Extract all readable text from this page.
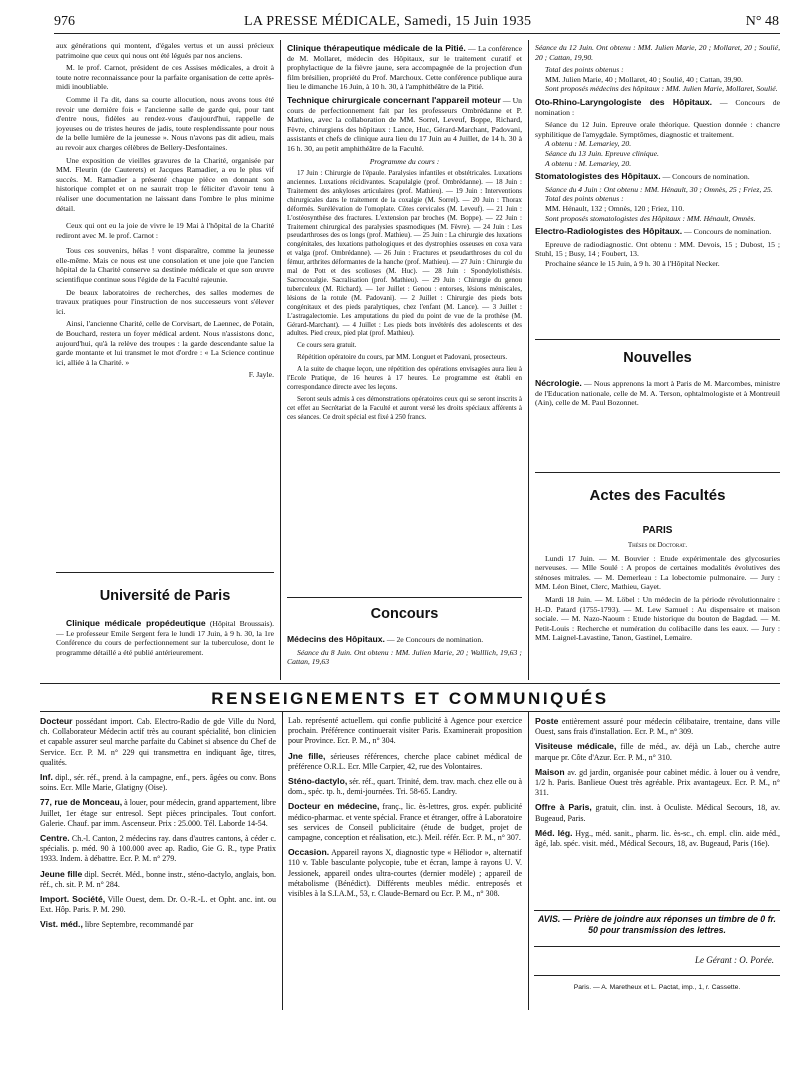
976	LA PRESSE MÉDICALE, Samedi, 15 Juin 1935	N° 48

aux générations qui montent, d'égales vertus et un aussi précieux patrimoine que ceux qui nous ont été légués par nos anciens.

M. le prof. Carnot, président de ces Assises médicales, a droit à toute notre reconnaissance pour la parfaite organisation de cette après-midi inoubliable.

Comme il l'a dit, dans sa courte allocution, nous avons tous été revoir une dernière fois « l'ancienne salle de garde qui, pour tant d'entre nous, fidèles au rendez-vous d'aujourd'hui, rappelle de joyeuses ou de tristes heures de jadis, toute resplendissante pour nous de la belle lumière de la jeunesse ». Nous n'avons pas dit adieu, mais au revoir aux charges célèbres de Bellery-Desfontaines.

Une exposition de vieilles gravures de la Charité, organisée par MM. Fleurin (de Cauterets) et Jacques Ramadier, a eu le plus vif succès. M. Ramadier a présenté chaque pièce en donnant son historique complet et on ne saurait trop le féliciter d'avoir tenu à réaliser une documentation ne laissant dans l'ombre le plus minime détail.

Ceux qui ont eu la joie de vivre le 19 Mai à l'hôpital de la Charité rediront avec M. le prof. Carnot :

Tous ces souvenirs, hélas ! vont disparaître, comme la jeunesse elle-même. Mais ce nous est une consolation et une joie que l'ancien hôpital de la Charité conserve sa destinée médicale et que son œuvre scientifique continue sous l'égide de la Faculté rajeunie.

De beaux laboratoires de recherches, des salles modernes de travaux pratiques pour l'instruction de nos successeurs vont s'élever ici.

Ainsi, l'ancienne Charité, celle de Corvisart, de Laennec, de Potain, de Bouchard, restera un foyer médical ardent. Nous n'assistons donc, aujourd'hui, qu'à la relève des troupes : la garde descendante salue la garde montante et lui transmet le mot d'ordre : « La Science continue ici, alliée à la Charité. »

F. Jayle.

Université de Paris

Clinique médicale propédeutique (Hôpital Broussais). — Le professeur Emile Sergent fera le lundi 17 Juin, à 9 h. 30, la 1re Conférence du cours de perfectionnement sur la tuberculose, dont le programme détaillé a été publié antérieurement.

Clinique thérapeutique médicale de la Pitié. — La conférence de M. Mollaret, médecin des Hôpitaux, sur le traitement curatif et prophylactique de la fièvre jaune, sera accompagnée de la projection d'un film brésilien, propriété du Prof. Marchoux. Cette conférence publique aura lieu le dimanche 16 Juin, à 10 h. 30, à l'amphithéâtre de la Pitié.

Technique chirurgicale concernant l'appareil moteur — Un cours de perfectionnement fait par les professeurs Ombrédanne et P. Mathieu, avec la collaboration de MM. Sorrel, Leveuf, Boppe, Richard, Fèvre, chirurgiens des hôpitaux : Lance, Huc, Gérard-Marchant, Padovani, assistants et chefs de clinique aura lieu du 17 Juin au 4 Juillet, de 14 h. 30 à 16 h. 30, au petit amphithéâtre de la Faculté.

Programme du cours :

17 Juin : Chirurgie de l'épaule. Paralysies infantiles et obstétricales. Luxations anciennes. Luxations récidivantes. Scapulalgie (prof. Ombrédanne). — 18 Juin : Traitement des ankyloses articulaires (prof. Mathieu). — 19 Juin : Interventions chirurgicales dans le traitement de la coxalgie (M. Sorrel). — 20 Juin : Thorax déformés. Surélévation de l'omoplate. Côtes cervicales (M. Leveuf). — 21 Juin : L'ostéosynthèse des fractures. L'extension par broches (M. Boppe). — 22 Juin : Traitement chirurgical des paralysies spasmodiques (M. Fèvre). — 24 Juin : Les pseudarthroses des os longs (prof. Mathieu). — 25 Juin : La chirurgie des luxations congénitales, des luxations pathologiques et des dystrophies osseuses en coxa vara et valga (prof. Ombrédanne). — 26 Juin : Fractures et pseudarthroses du col du fémur, arthrites déformantes de la hanche (prof. Mathieu). — 27 Juin : Chirurgie du mal de Pott et des scolioses (M. Huc). — 28 Juin : Spondylolisthésis. Sacrocoxalgie. Sacralisation (prof. Mathieu). — 29 Juin : Chirurgie du genou tuberculeux (M. Richard). — 1er Juillet : Genou : entorses, lésions méniscales, lésions de la rotule (M. Padovani). — 2 Juillet : Chirurgie des pieds bots congénitaux et des pieds paralytiques, chez l'enfant (M. Lance). — 3 Juillet : L'astragalectomie. Les amputations du pied du point de vue de la prothèse (M. Gérard-Marchant). — 4 Juillet : Les pieds bots invétérés des adolescents et des adultes. Pied creux, pied plat (prof. Mathieu).

Ce cours sera gratuit.

Répétition opératoire du cours, par MM. Longuet et Padovani, prosecteurs.

A la suite de chaque leçon, une répétition des opérations envisagées aura lieu à l'Ecole Pratique, de 16 heures à 17 heures. Le programme est établi en correspondance directe avec les leçons.

Seront seuls admis à ces démonstrations opératoires ceux qui se seront inscrits à cet effet au Secrétariat de la Faculté et auront versé les droits spéciaux afférents à ces séances. Ce droit spécial est fixé à 250 francs.

Concours

Médecins des Hôpitaux. — 2e Concours de nomination.

Séance du 8 Juin. Ont obtenu : MM. Julien Marie, 20 ; Walllich, 19,63 ; Cattan, 19,63

Séance du 12 Juin. Ont obtenu : MM. Julien Marie, 20 ; Mollaret, 20 ; Soulié, 20 ; Cattan, 19,90.

Total des points obtenus :

MM. Julien Marie, 40 ; Mollaret, 40 ; Soulié, 40 ; Cattan, 39,90.

Sont proposés médecins des hôpitaux : MM. Julien Marie, Mollaret, Soulié.

Oto-Rhino-Laryngologiste des Hôpitaux. — Concours de nomination :

Séance du 12 Juin. Epreuve orale théorique. Question donnée : chancre syphilitique de l'amygdale. Symptômes, diagnostic et traitement.

A obtenu : M. Lemariey, 20.

Séance du 13 Juin. Epreuve clinique.

A obtenu : M. Lemariey, 20.

Stomatologistes des Hôpitaux. — Concours de nomination.

Séance du 4 Juin : Ont obtenu : MM. Hénault, 30 ; Omnès, 25 ; Friez, 25.

Total des points obtenus :

MM. Hénault, 132 ; Omnès, 120 ; Friez, 110.

Sont proposés stomatologistes des Hôpitaux : MM. Hénault, Omnès.

Electro-Radiologistes des Hôpitaux. — Concours de nomination.

Epreuve de radiodiagnostic. Ont obtenu : MM. Devois, 15 ; Dubost, 15 ; Stuhl, 15 ; Busy, 14 ; Foubert, 13.

Prochaine séance le 15 Juin, à 9 h. 30 à l'Hôpital Necker.

Nouvelles

Nécrologie. — Nous apprenons la mort à Paris de M. Marcombes, ministre de l'Education nationale, celle de M. A. Terson, ophtalmologiste et à Montreuil (Ain), celle de M. Paul Bozonnet.

Actes des Facultés
PARIS

Thèses de Doctorat.

Lundi 17 Juin. — M. Bouvier : Etude expérimentale des glycosuries nerveuses. — Mlle Soulé : A propos de certaines modalités évolutives des sténoses mitrales. — M. Demerleau : La lobectomie pulmonaire. — Jury : MM. Léon Binet, Clerc, Mathieu, Gayet.

Mardi 18 Juin. — M. Löbel : Un médecin de la période révolutionnaire : H.-D. Patard (1755-1793). — M. Lew Samuel : Au dispensaire et maison sociale. — M. Nazo-Naoum : Etude historique du bouton de Bagdad. — M. Petit-Louis : Recherche et numération du colibacille dans les eaux. — Jury : MM. Laignel-Lavastine, Tanon, Gastinel, Lemaire.

RENSEIGNEMENTS ET COMMUNIQUÉS

Docteur possédant import. Cab. Electro-Radio de gde Ville du Nord, ch. Collaborateur Médecin actif très au courant spécialité, bon clinicien et capable assurer seul marche parfaite du Cabinet si absence du Chef de Service. Ecr. P. M. n° 229 qui transmettra en indiquant âge, titres, qualités.

Inf. dipl., sér. réf., prend. à la campagne, enf., pers. âgées ou conv. Bons soins. Ecr. Mlle Marie, Glatigny (Oise).

77, rue de Monceau, à louer, pour médecin, grand appartement, libre Juillet, 1er étage sur entresol. Sept pièces principales. Tout confort. Galerie. Chauf. par imm. Ascenseur. Prix : 25.000. Tél. Laborde 14-54.

Centre. Ch.-l. Canton, 2 médecins ray. dans d'autres cantons, à céder c. spécialis. p. méd. 90 à 100.000 avec ap. Radio, Gie G. R., type Pratix 1933. Indem. à débattre. Ecr. P. M. n° 279.

Jeune fille dipl. Secrét. Méd., bonne instr., sténo-dactylo, anglais, bon. réf., ch. sit. P. M. n° 284.

Import. Société, Ville Ouest, dem. Dr. O.-R.-L. et Opht. anc. int. ou Ext. Hôp. Paris. P. M. 290.

Vist. méd., libre Septembre, recommandé par

Lab. représenté actuellem. qui confie publicité à Agence pour exercice prochain. Préférence continuerait visiter Paris. Examinerait proposition pour Province. Ecr. P. M., n° 304.

Jne fille, sérieuses références, cherche place cabinet médical de préférence O.R.L. Ecr. Mlle Carpier, 42, rue des Volontaires.

Sténo-dactylo, sér. réf., quart. Trinité, dem. trav. mach. chez elle ou à dom., spéc. tp. h., demi-journées. Tri. 58-65. Landry.

Docteur en médecine, franç., lic. ès-lettres, gros. expér. publicité médico-pharmac. et vente spécial. France et étranger, offre à Laboratoire ses services de Conseil publicitaire (étude de budget, projet de campagne, conception et réalisation, etc.). Meil. référ. Ecr. P. M., n° 307.

Occasion. Appareil rayons X, diagnostic type « Héliodor », alternatif 110 v. Table basculante polycopie, tube et écran, lampe à rayons U. V. Jessionek, appareil ondes ultra-courtes (dernier modèle) ; appareil de métabolisme (Bénédict). Différents meubles médic. entreposés et visibles à la S.I.A.M., 53, r. Claude-Bernard ou Ecr. P. M., n° 308.

Poste entièrement assuré pour médecin célibataire, trentaine, dans ville Ouest, sans frais d'installation. Ecr. P. M., n° 309.

Visiteuse médicale, fille de méd., av. déjà un Lab., cherche autre marque pr. Côte d'Azur. Ecr. P. M., n° 310.

Maison av. gd jardin, organisée pour cabinet médic. à louer ou à vendre, 1/2 h. Paris. Banlieue Ouest très agréable. Prix avantageux. Ecr. P. M., n° 311.

Offre à Paris, gratuit, clin. inst. à Oculiste. Médical Secours, 18, av. Bugeaud, Paris.

Méd. lég. Hyg., méd. sanit., pharm. lic. ès-sc., ch. empl. clin. aide méd., âgé, lab. spéc. visit. méd., Médical Secours, 18, av. Bugeaud, Paris (16e).

AVIS. — Prière de joindre aux réponses un timbre de 0 fr. 50 pour transmission des lettres.
Le Gérant : O. Porée.
Paris. — A. Maretheux et L. Pactat, imp., 1, r. Cassette.
